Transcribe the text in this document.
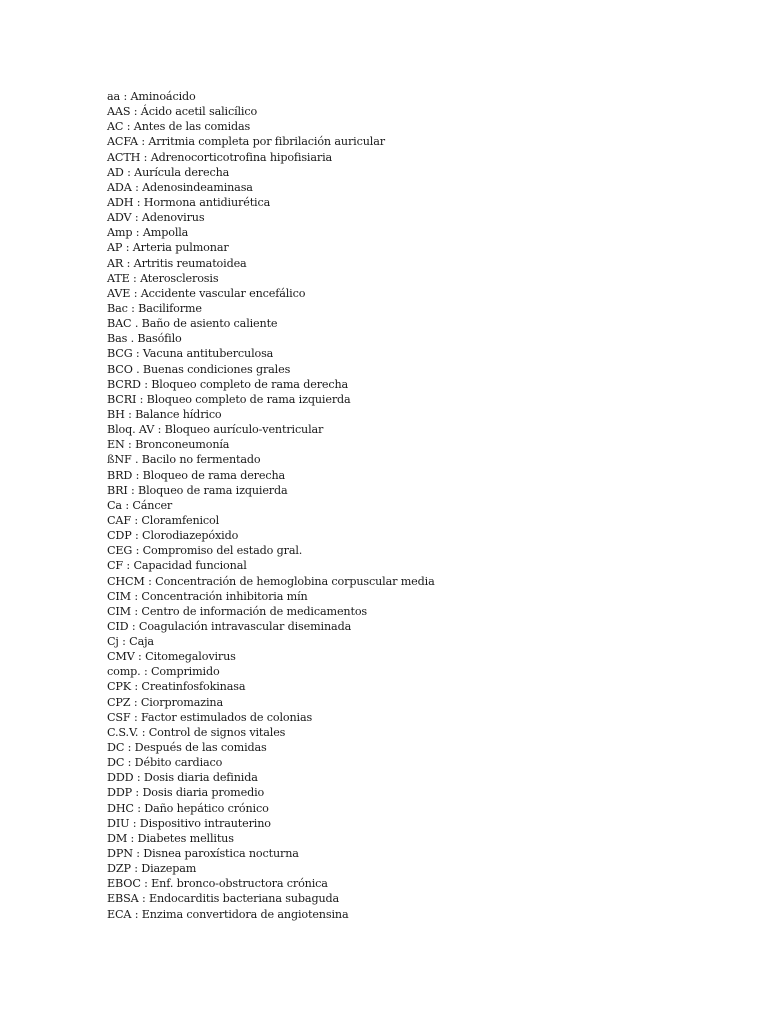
aa : Aminoácido
AAS : Ácido acetil salicílico
AC : Antes de las comidas
ACFA : Arritmia completa por fibrilación auricular
ACTH : Adrenocorticotrofina hipofisiaria
AD : Aurícula derecha
ADA : Adenosindeaminasa
ADH : Hormona antidiurética
ADV : Adenovirus
Amp : Ampolla
AP : Arteria pulmonar
AR : Artritis reumatoidea
ATE : Aterosclerosis
AVE : Accidente vascular encefálico
Bac : Baciliforme
BAC . Baño de asiento caliente
Bas . Basófilo
BCG : Vacuna antituberculosa
BCO . Buenas condiciones grales
BCRD : Bloqueo completo de rama derecha
BCRI : Bloqueo completo de rama izquierda
BH : Balance hídrico
Bloq. AV : Bloqueo aurículo-ventricular
EN : Bronconeumonía
ßNF . Bacilo no fermentado
BRD : Bloqueo de rama derecha
BRI : Bloqueo de rama izquierda
Ca : Cáncer
CAF : Cloramfenicol
CDP : Clorodiazepóxido
CEG : Compromiso del estado gral.
CF : Capacidad funcional
CHCM : Concentración de hemoglobina corpuscular media
CIM : Concentración inhibitoria mín
CIM : Centro de información de medicamentos
CID : Coagulación intravascular diseminada
Cj : Caja
CMV : Citomegalovirus
comp. : Comprimido
CPK : Creatinfosfokinasa
CPZ : Ciorpromazina
CSF : Factor estimulados de colonias
C.S.V. : Control de signos vitales
DC : Después de las comidas
DC : Débito cardiaco
DDD : Dosis diaria definida
DDP : Dosis diaria promedio
DHC : Daño hepático crónico
DIU : Dispositivo intrauterino
DM : Diabetes mellitus
DPN : Disnea paroxística nocturna
DZP : Diazepam
EBOC : Enf. bronco-obstructora crónica
EBSA : Endocarditis bacteriana subaguda
ECA : Enzima convertidora de angiotensina
